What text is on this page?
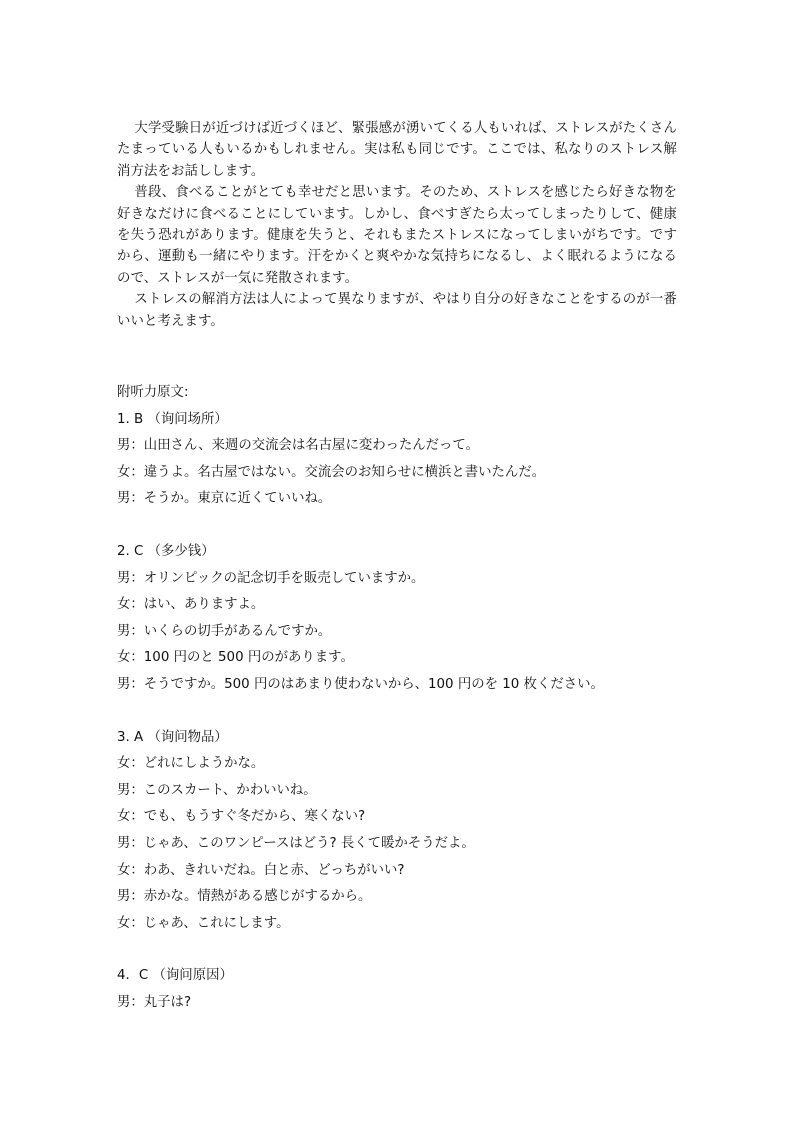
大学受験日が近づけば近づくほど、緊張感が湧いてくる人もいれば、ストレスがたくさんたまっている人もいるかもしれません。実は私も同じです。ここでは、私なりのストレス解消方法をお話しします。

普段、食べることがとても幸せだと思います。そのため、ストレスを感じたら好きな物を好きなだけに食べることにしています。しかし、食べすぎたら太ってしまったりして、健康を失う恐れがあります。健康を失うと、それもまたストレスになってしまいがちです。ですから、運動も一緒にやります。汗をかくと爽やかな気持ちになるし、よく眠れるようになるので、ストレスが一気に発散されます。

ストレスの解消方法は人によって異なりますが、やはり自分の好きなことをするのが一番いいと考えます。

附听力原文:

1. B （询问场所）
男：山田さん、来週の交流会は名古屋に変わったんだって。
女：違うよ。名古屋ではない。交流会のお知らせに横浜と書いたんだ。
男：そうか。東京に近くていいね。
2. C （多少钱）
男：オリンピックの記念切手を販売していますか。
女：はい、ありますよ。
男：いくらの切手があるんですか。
女：100 円のと 500 円のがあります。
男：そうですか。500 円のはあまり使わないから、100 円のを 10 枚ください。
3. A （询问物品）
女：どれにしようかな。
男：このスカート、かわいいね。
女：でも、もうすぐ冬だから、寒くない?
男：じゃあ、このワンピースはどう? 長くて暖かそうだよ。
女：わあ、きれいだね。白と赤、どっちがいい?
男：赤かな。情熱がある感じがするから。
女：じゃあ、これにします。
4．C （询问原因）
男：丸子は?
